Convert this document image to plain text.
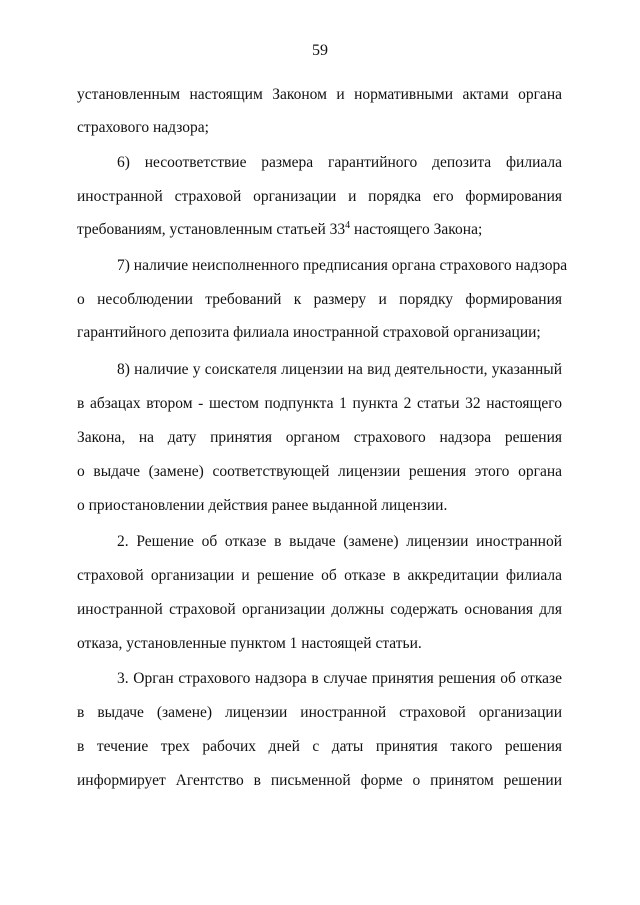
59
установленным настоящим Законом и нормативными актами органа
страхового надзора;
6) несоответствие размера гарантийного депозита филиала
иностранной страховой организации и порядка его формирования
требованиям, установленным статьей $33^4$ настоящего Закона;
7) наличие неисполненного предписания органа страхового надзора
о несоблюдении требований к размеру и порядку формирования
гарантийного депозита филиала иностранной страховой организации;
8) наличие у соискателя лицензии на вид деятельности, указанный
в абзацах втором - шестом подпункта 1 пункта 2 статьи 32 настоящего
Закона, на дату принятия органом страхового надзора решения
о выдаче (замене) соответствующей лицензии решения этого органа
о приостановлении действия ранее выданной лицензии.
2. Решение об отказе в выдаче (замене) лицензии иностранной
страховой организации и решение об отказе в аккредитации филиала
иностранной страховой организации должны содержать основания для
отказа, установленные пунктом 1 настоящей статьи.
3. Орган страхового надзора в случае принятия решения об отказе
в выдаче (замене) лицензии иностранной страховой организации
в течение трех рабочих дней с даты принятия такого решения
информирует Агентство в письменной форме о принятом решении
